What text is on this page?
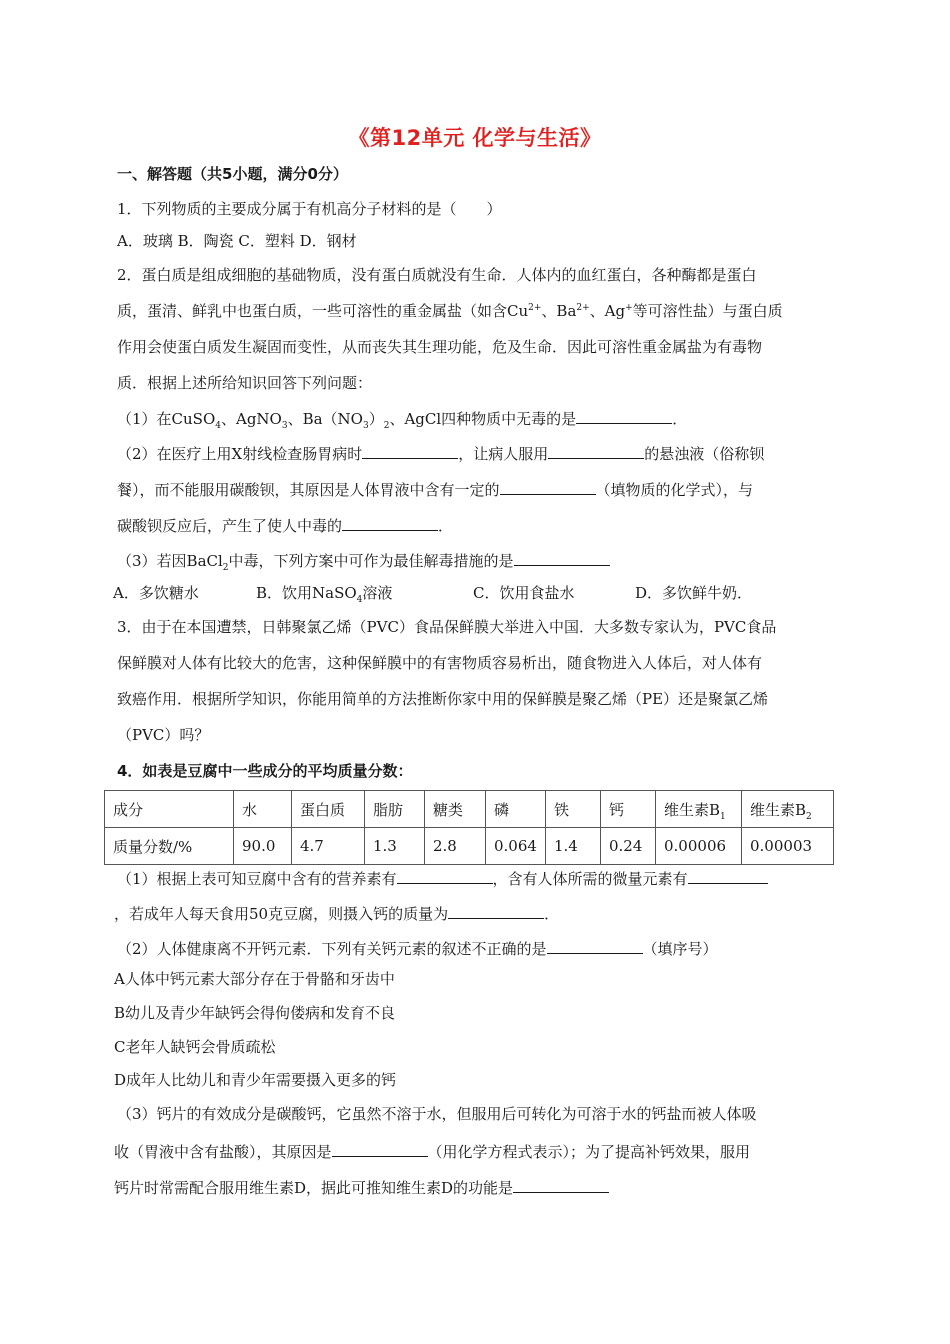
《第12单元 化学与生活》
一、解答题（共5小题，满分0分）
1．下列物质的主要成分属于有机高分子材料的是（　　）
A．玻璃 B．陶瓷 C．塑料 D．钢材
2．蛋白质是组成细胞的基础物质，没有蛋白质就没有生命．人体内的血红蛋白，各种酶都是蛋白
质，蛋清、鲜乳中也蛋白质，一些可溶性的重金属盐（如含$Cu^{2+}$、$Ba^{2+}$、Ag+等可溶性盐）与蛋白质
作用会使蛋白质发生凝固而变性，从而丧失其生理功能，危及生命．因此可溶性重金属盐为有毒物
质．根据上述所给知识回答下列问题：
（1）在CuSO$_4$、AgNO$_3$、$Ba(NO_3)_2$、AgCl四种物质中无毒的是	．
（2）在医疗上用X射线检查肠胃病时	，让病人服用	的悬浊液（俗称钡
餐），而不能服用碳酸钡，其原因是人体胃液中含有一定的	（填物质的化学式），与
碳酸钡反应后，产生了使人中毒的	．
（3）若因BaCl$_2$中毒，下列方案中可作为最佳解毒措施的是
A．多饮糖水	B．饮用NaSO$_4$溶液	C．饮用食盐水	D．多饮鲜牛奶．
3．由于在本国遭禁，日韩聚氯乙烯（PVC）食品保鲜膜大举进入中国．大多数专家认为，PVC食品
保鲜膜对人体有比较大的危害，这种保鲜膜中的有害物质容易析出，随食物进入人体后，对人体有
致癌作用．根据所学知识，你能用简单的方法推断你家中用的保鲜膜是聚乙烯（PE）还是聚氯乙烯
（PVC）吗？
4．如表是豆腐中一些成分的平均质量分数：
成分	水	蛋白质	脂肪	糖类	磷	铁	钙	维生素$B_1$	维生素$B_2$
质量分数/%	90.0	4.7	1.3	2.8	0.064	1.4	0.24	0.00006	0.00003
（1）根据上表可知豆腐中含有的营养素有	，含有人体所需的微量元素有
，若成年人每天食用50克豆腐，则摄入钙的质量为	．
（2）人体健康离不开钙元素．下列有关钙元素的叙述不正确的是	（填序号）
A人体中钙元素大部分存在于骨骼和牙齿中
B幼儿及青少年缺钙会得佝偻病和发育不良
C老年人缺钙会骨质疏松
D成年人比幼儿和青少年需要摄入更多的钙
（3）钙片的有效成分是碳酸钙，它虽然不溶于水，但服用后可转化为可溶于水的钙盐而被人体吸
收（胃液中含有盐酸），其原因是	（用化学方程式表示）；为了提高补钙效果，服用
钙片时常需配合服用维生素D，据此可推知维生素D的功能是
